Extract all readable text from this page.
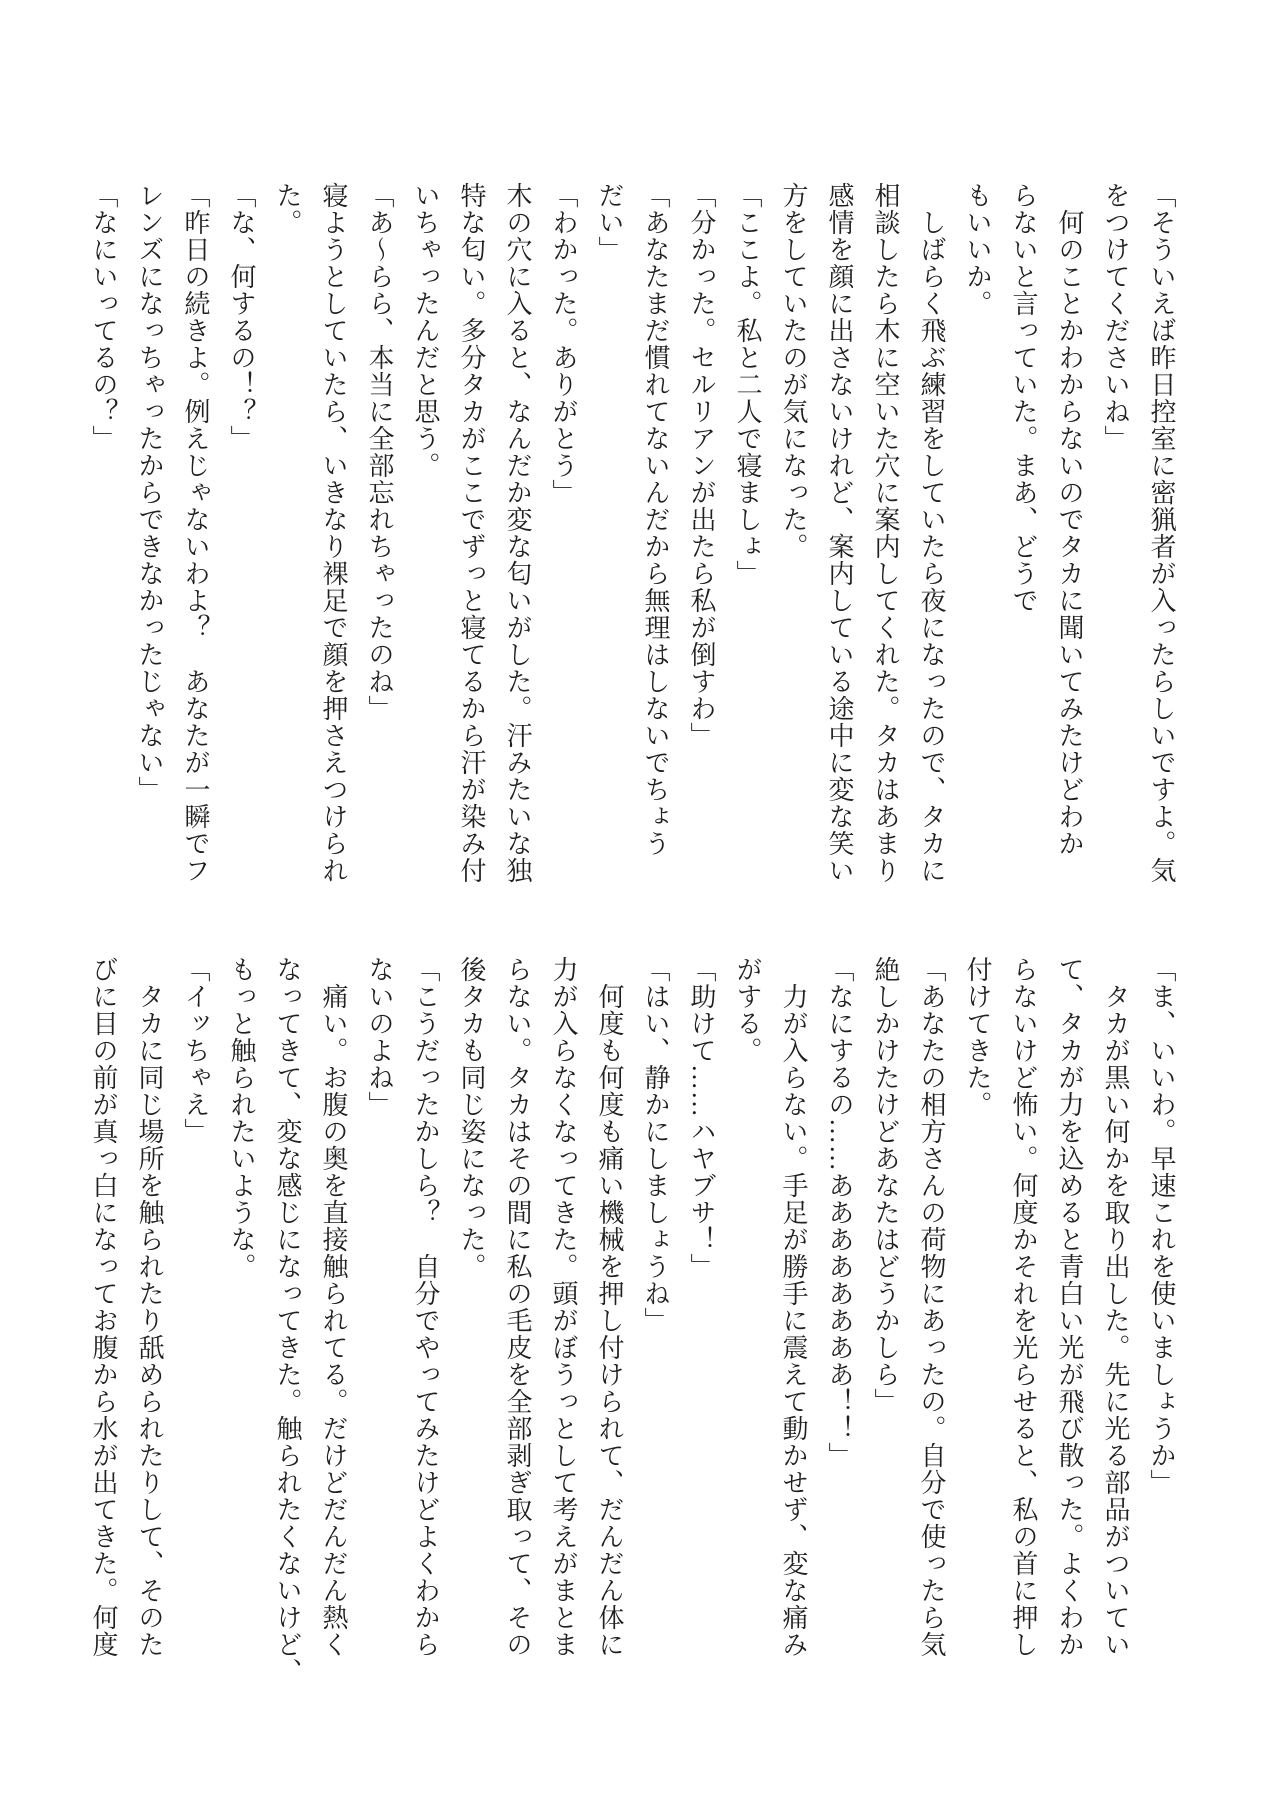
「そういえば昨日控室に密猟者が入ったらしいですよ。気
をつけてくださいね」
　何のことかわからないのでタカに聞いてみたけどわか
らないと言っていた。まあ、どうで
もいいか。
　しばらく飛ぶ練習をしていたら夜になったので、タカに
相談したら木に空いた穴に案内してくれた。タカはあまり
感情を顔に出さないけれど、案内している途中に変な笑い
方をしていたのが気になった。
「ここよ。私と二人で寝ましょ」
「分かった。セルリアンが出たら私が倒すわ」
「あなたまだ慣れてないんだから無理はしないでちょう
だい」
「わかった。ありがとう」
木の穴に入ると、なんだか変な匂いがした。汗みたいな独
特な匂い。多分タカがここでずっと寝てるから汗が染み付
いちゃったんだと思う。
「あ〜らら、本当に全部忘れちゃったのね」
寝ようとしていたら、いきなり裸足で顔を押さえつけられ
た。
「な、何するの！？」
「昨日の続きよ。例えじゃないわよ？　あなたが一瞬でフ
レンズになっちゃったからできなかったじゃない」
「なにいってるの？」
「ま、いいわ。早速これを使いましょうか」
　タカが黒い何かを取り出した。先に光る部品がついてい
て、タカが力を込めると青白い光が飛び散った。よくわか
らないけど怖い。何度かそれを光らせると、私の首に押し
付けてきた。
「あなたの相方さんの荷物にあったの。自分で使ったら気
絶しかけたけどあなたはどうかしら」
「なにするの……ああああああああ！！」
　力が入らない。手足が勝手に震えて動かせず、変な痛み
がする。
「助けて……ハヤブサ！」
「はい、静かにしましょうね」
　何度も何度も痛い機械を押し付けられて、だんだん体に
力が入らなくなってきた。頭がぼうっとして考えがまとま
らない。タカはその間に私の毛皮を全部剥ぎ取って、その
後タカも同じ姿になった。
「こうだったかしら？　自分でやってみたけどよくわから
ないのよね」
　痛い。お腹の奥を直接触られてる。だけどだんだん熱く
なってきて、変な感じになってきた。触られたくないけど、
もっと触られたいような。
「イッちゃえ」
　タカに同じ場所を触られたり舐められたりして、そのた
びに目の前が真っ白になってお腹から水が出てきた。何度
